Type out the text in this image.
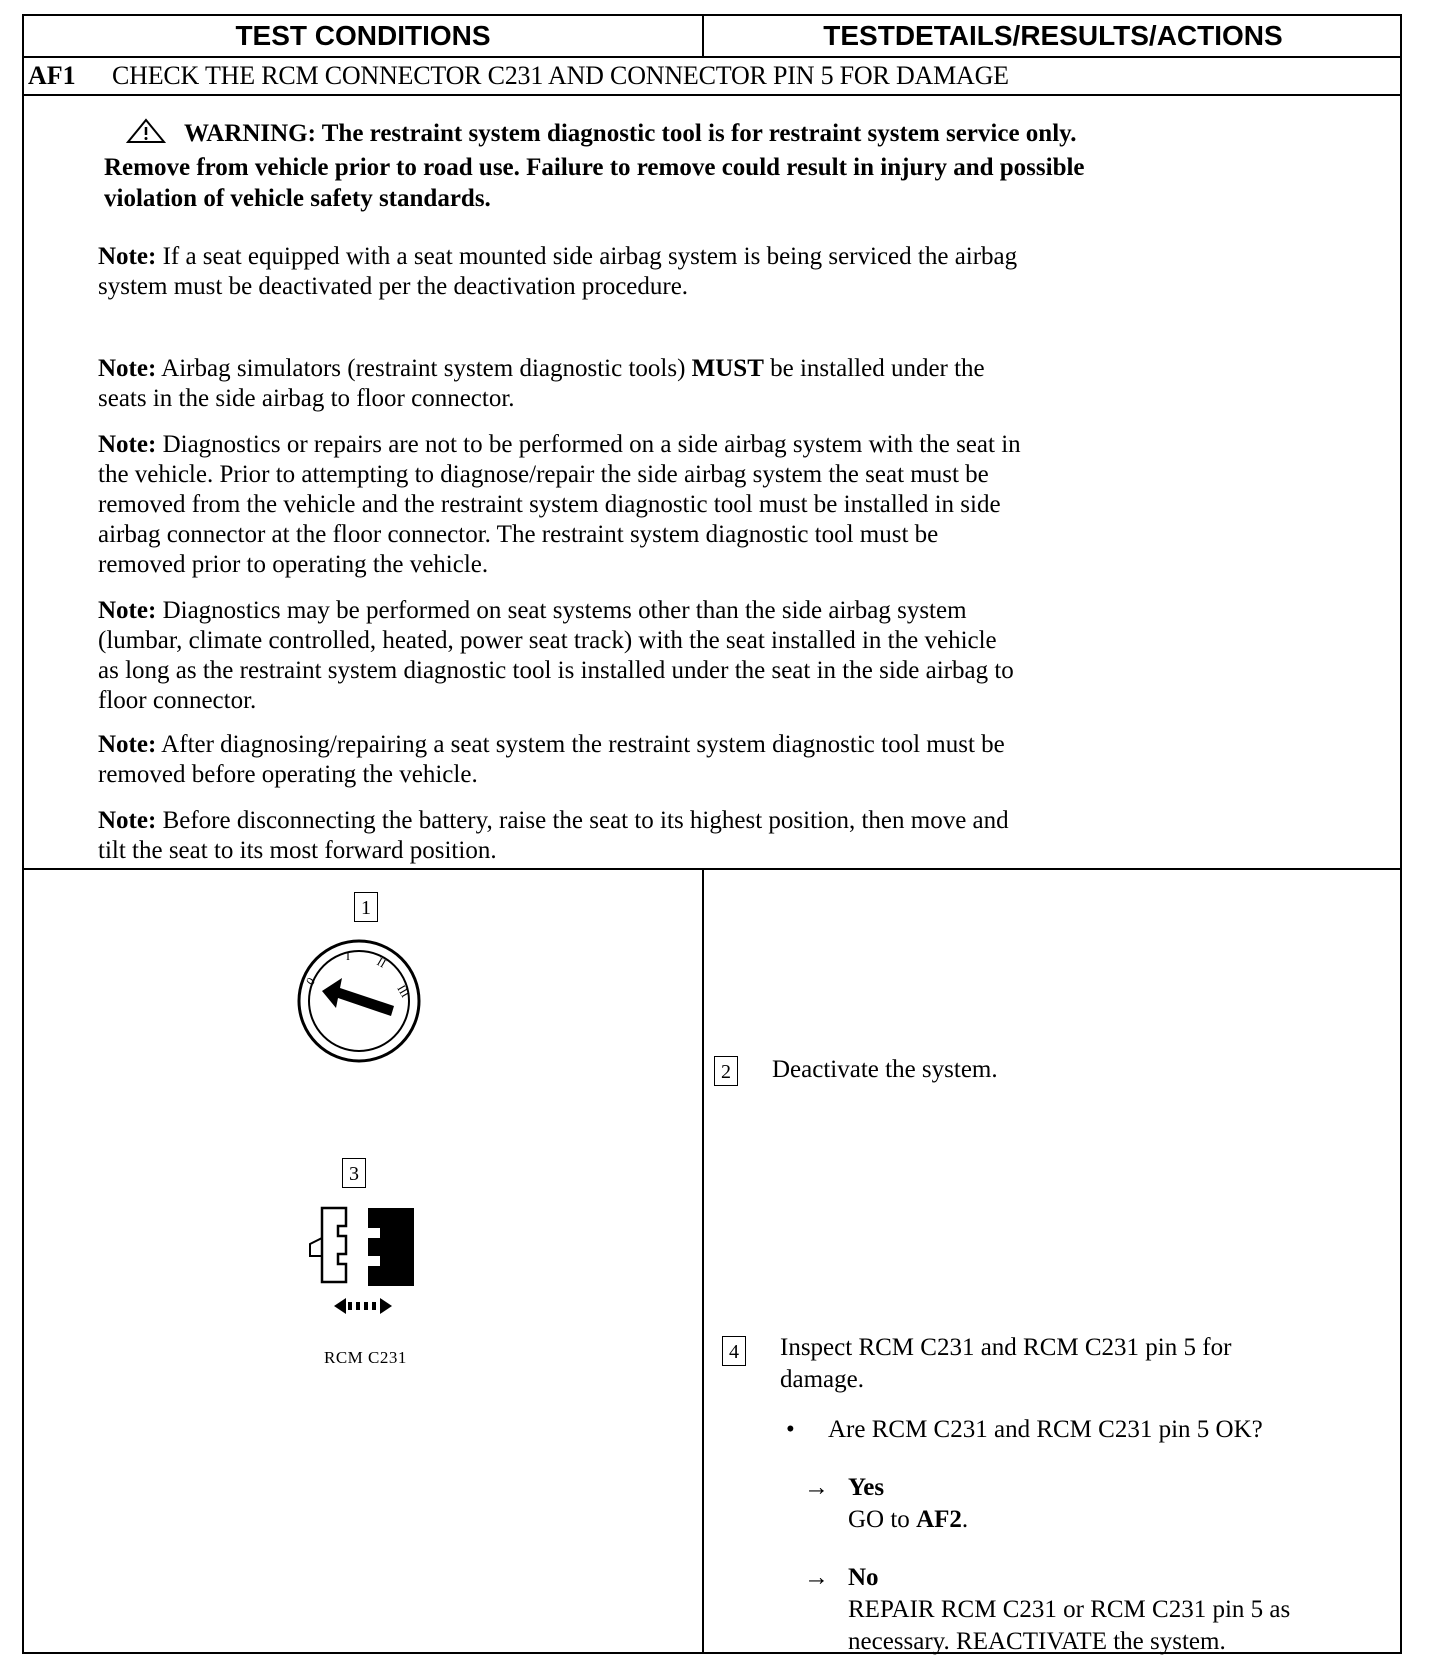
TEST CONDITIONS	TESTDETAILS/RESULTS/ACTIONS
AF1 CHECK THE RCM CONNECTOR C231 AND CONNECTOR PIN 5 FOR DAMAGE
WARNING: The restraint system diagnostic tool is for restraint system service only.
Remove from vehicle prior to road use. Failure to remove could result in injury and possible
violation of vehicle safety standards.
Note: If a seat equipped with a seat mounted side airbag system is being serviced the airbag
system must be deactivated per the deactivation procedure.
Note: Airbag simulators (restraint system diagnostic tools) MUST be installed under the
seats in the side airbag to floor connector.
Note: Diagnostics or repairs are not to be performed on a side airbag system with the seat in
the vehicle. Prior to attempting to diagnose/repair the side airbag system the seat must be
removed from the vehicle and the restraint system diagnostic tool must be installed in side
airbag connector at the floor connector. The restraint system diagnostic tool must be
removed prior to operating the vehicle.
Note: Diagnostics may be performed on seat systems other than the side airbag system
(lumbar, climate controlled, heated, power seat track) with the seat installed in the vehicle
as long as the restraint system diagnostic tool is installed under the seat in the side airbag to
floor connector.
Note: After diagnosing/repairing a seat system the restraint system diagnostic tool must be
removed before operating the vehicle.
Note: Before disconnecting the battery, raise the seat to its highest position, then move and
tilt the seat to its most forward position.
1
0
I II
III
3
RCM C231
2 Deactivate the system.
4 Inspect RCM C231 and RCM C231 pin 5 for
damage.
• Are RCM C231 and RCM C231 pin 5 OK?
→ Yes
GO to AF2.
→ No
REPAIR RCM C231 or RCM C231 pin 5 as
necessary. REACTIVATE the system.
